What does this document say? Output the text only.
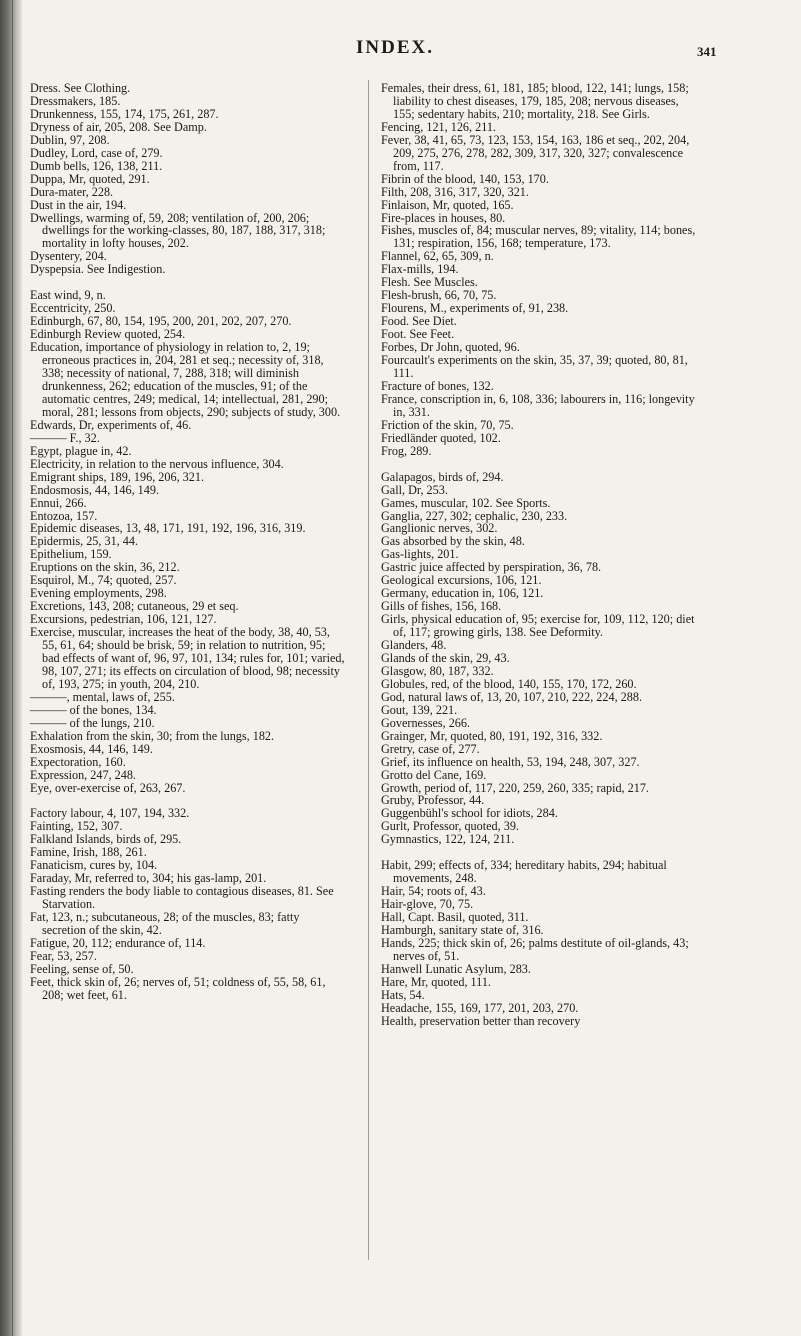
INDEX.	341

Dress. See Clothing.

Dressmakers, 185.

Drunkenness, 155, 174, 175, 261, 287.

Dryness of air, 205, 208. See Damp.

Dublin, 97, 208.

Dudley, Lord, case of, 279.

Dumb bells, 126, 138, 211.

Duppa, Mr, quoted, 291.

Dura-mater, 228.

Dust in the air, 194.

Dwellings, warming of, 59, 208; ventilation of, 200, 206; dwellings for the working-classes, 80, 187, 188, 317, 318; mortality in lofty houses, 202.

Dysentery, 204.

Dyspepsia. See Indigestion.

East wind, 9, n.

Eccentricity, 250.

Edinburgh, 67, 80, 154, 195, 200, 201, 202, 207, 270.

Edinburgh Review quoted, 254.

Education, importance of physiology in relation to, 2, 19; erroneous practices in, 204, 281 et seq.; necessity of, 318, 338; necessity of national, 7, 288, 318; will diminish drunkenness, 262; education of the muscles, 91; of the automatic centres, 249; medical, 14; intellectual, 281, 290; moral, 281; lessons from objects, 290; subjects of study, 300.

Edwards, Dr, experiments of, 46.

——— F., 32.

Egypt, plague in, 42.

Electricity, in relation to the nervous influence, 304.

Emigrant ships, 189, 196, 206, 321.

Endosmosis, 44, 146, 149.

Ennui, 266.

Entozoa, 157.

Epidemic diseases, 13, 48, 171, 191, 192, 196, 316, 319.

Epidermis, 25, 31, 44.

Epithelium, 159.

Eruptions on the skin, 36, 212.

Esquirol, M., 74; quoted, 257.

Evening employments, 298.

Excretions, 143, 208; cutaneous, 29 et seq.

Excursions, pedestrian, 106, 121, 127.

Exercise, muscular, increases the heat of the body, 38, 40, 53, 55, 61, 64; should be brisk, 59; in relation to nutrition, 95; bad effects of want of, 96, 97, 101, 134; rules for, 101; varied, 98, 107, 271; its effects on circulation of blood, 98; necessity of, 193, 275; in youth, 204, 210.

———, mental, laws of, 255.

——— of the bones, 134.

——— of the lungs, 210.

Exhalation from the skin, 30; from the lungs, 182.

Exosmosis, 44, 146, 149.

Expectoration, 160.

Expression, 247, 248.

Eye, over-exercise of, 263, 267.

Factory labour, 4, 107, 194, 332.

Fainting, 152, 307.

Falkland Islands, birds of, 295.

Famine, Irish, 188, 261.

Fanaticism, cures by, 104.

Faraday, Mr, referred to, 304; his gas-lamp, 201.

Fasting renders the body liable to contagious diseases, 81. See Starvation.

Fat, 123, n.; subcutaneous, 28; of the muscles, 83; fatty secretion of the skin, 42.

Fatigue, 20, 112; endurance of, 114.

Fear, 53, 257.

Feeling, sense of, 50.

Feet, thick skin of, 26; nerves of, 51; coldness of, 55, 58, 61, 208; wet feet, 61.

Females, their dress, 61, 181, 185; blood, 122, 141; lungs, 158; liability to chest diseases, 179, 185, 208; nervous diseases, 155; sedentary habits, 210; mortality, 218. See Girls.

Fencing, 121, 126, 211.

Fever, 38, 41, 65, 73, 123, 153, 154, 163, 186 et seq., 202, 204, 209, 275, 276, 278, 282, 309, 317, 320, 327; convalescence from, 117.

Fibrin of the blood, 140, 153, 170.

Filth, 208, 316, 317, 320, 321.

Finlaison, Mr, quoted, 165.

Fire-places in houses, 80.

Fishes, muscles of, 84; muscular nerves, 89; vitality, 114; bones, 131; respiration, 156, 168; temperature, 173.

Flannel, 62, 65, 309, n.

Flax-mills, 194.

Flesh. See Muscles.

Flesh-brush, 66, 70, 75.

Flourens, M., experiments of, 91, 238.

Food. See Diet.

Foot. See Feet.

Forbes, Dr John, quoted, 96.

Fourcault's experiments on the skin, 35, 37, 39; quoted, 80, 81, 111.

Fracture of bones, 132.

France, conscription in, 6, 108, 336; labourers in, 116; longevity in, 331.

Friction of the skin, 70, 75.

Friedländer quoted, 102.

Frog, 289.

Galapagos, birds of, 294.

Gall, Dr, 253.

Games, muscular, 102. See Sports.

Ganglia, 227, 302; cephalic, 230, 233.

Ganglionic nerves, 302.

Gas absorbed by the skin, 48.

Gas-lights, 201.

Gastric juice affected by perspiration, 36, 78.

Geological excursions, 106, 121.

Germany, education in, 106, 121.

Gills of fishes, 156, 168.

Girls, physical education of, 95; exercise for, 109, 112, 120; diet of, 117; growing girls, 138. See Deformity.

Glanders, 48.

Glands of the skin, 29, 43.

Glasgow, 80, 187, 332.

Globules, red, of the blood, 140, 155, 170, 172, 260.

God, natural laws of, 13, 20, 107, 210, 222, 224, 288.

Gout, 139, 221.

Governesses, 266.

Grainger, Mr, quoted, 80, 191, 192, 316, 332.

Gretry, case of, 277.

Grief, its influence on health, 53, 194, 248, 307, 327.

Grotto del Cane, 169.

Growth, period of, 117, 220, 259, 260, 335; rapid, 217.

Gruby, Professor, 44.

Guggenbühl's school for idiots, 284.

Gurlt, Professor, quoted, 39.

Gymnastics, 122, 124, 211.

Habit, 299; effects of, 334; hereditary habits, 294; habitual movements, 248.

Hair, 54; roots of, 43.

Hair-glove, 70, 75.

Hall, Capt. Basil, quoted, 311.

Hamburgh, sanitary state of, 316.

Hands, 225; thick skin of, 26; palms destitute of oil-glands, 43; nerves of, 51.

Hanwell Lunatic Asylum, 283.

Hare, Mr, quoted, 111.

Hats, 54.

Headache, 155, 169, 177, 201, 203, 270.

Health, preservation better than recovery
